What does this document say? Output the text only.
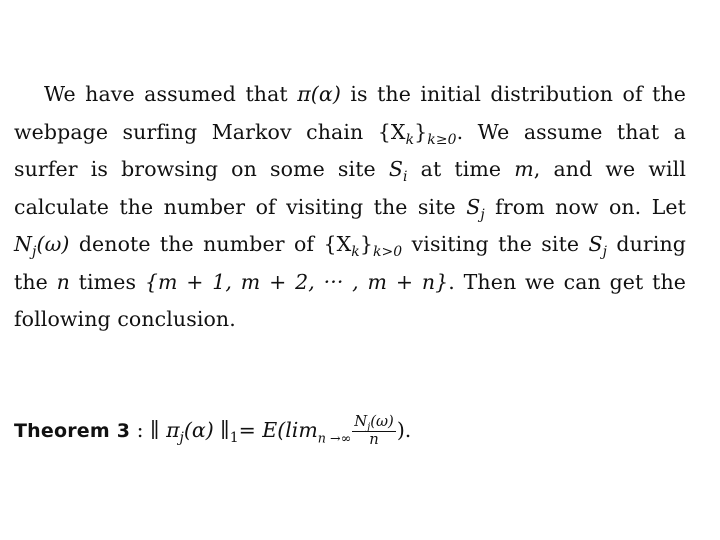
We have assumed that π(α) is the initial distribution of the webpage surfing Markov chain $\{X_k\}_{k\ge 0}$. We assume that a surfer is browsing on some site $S_i$ at time m, and we will calculate the number of visiting the site $S_j$ from now on. Let $N_j(\omega)$ denote the number of $\{X_k\}_{k>0}$ visiting the site $S_j$ during the n times {m + 1, m + 2, ··· , m + n}. Then we can get the following conclusion.
Theorem 3 : ∥ $\pi_j(\alpha)$ $\parallel_1= E(\lim_{n \to\infty} \frac{N_j(\omega)}{n}$ ).
